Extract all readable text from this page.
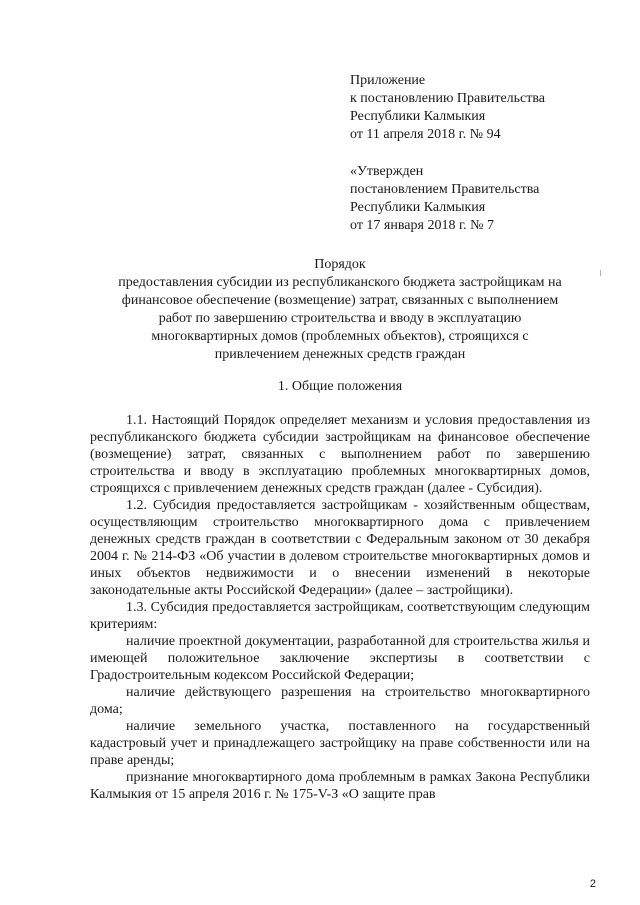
Приложение
к постановлению Правительства
Республики Калмыкия
от 11 апреля 2018 г. № 94
«Утвержден
постановлением Правительства
Республики Калмыкия
от 17 января 2018 г. № 7
Порядок
предоставления субсидии из республиканского бюджета застройщикам на
финансовое обеспечение (возмещение) затрат, связанных с выполнением
работ по завершению строительства и вводу в эксплуатацию
многоквартирных домов (проблемных объектов), строящихся с
привлечением денежных средств граждан
1. Общие положения

1.1. Настоящий Порядок определяет механизм и условия предоставления из республиканского бюджета субсидии застройщикам на финансовое обеспечение (возмещение) затрат, связанных с выполнением работ по завершению строительства и вводу в эксплуатацию проблемных многоквартирных домов, строящихся с привлечением денежных средств граждан (далее - Субсидия).

1.2. Субсидия предоставляется застройщикам - хозяйственным обществам, осуществляющим строительство многоквартирного дома с привлечением денежных средств граждан в соответствии с Федеральным законом от 30 декабря 2004 г. № 214-ФЗ «Об участии в долевом строительстве многоквартирных домов и иных объектов недвижимости и о внесении изменений в некоторые законодательные акты Российской Федерации» (далее – застройщики).

1.3. Субсидия предоставляется застройщикам, соответствующим следующим критериям:

наличие проектной документации, разработанной для строительства жилья и имеющей положительное заключение экспертизы в соответствии с Градостроительным кодексом Российской Федерации;

наличие действующего разрешения на строительство многоквартирного дома;

наличие земельного участка, поставленного на государственный кадастровый учет и принадлежащего застройщику на праве собственности или на праве аренды;

признание многоквартирного дома проблемным в рамках Закона Республики Калмыкия от 15 апреля 2016 г. № 175-V-З «О защите прав

2
